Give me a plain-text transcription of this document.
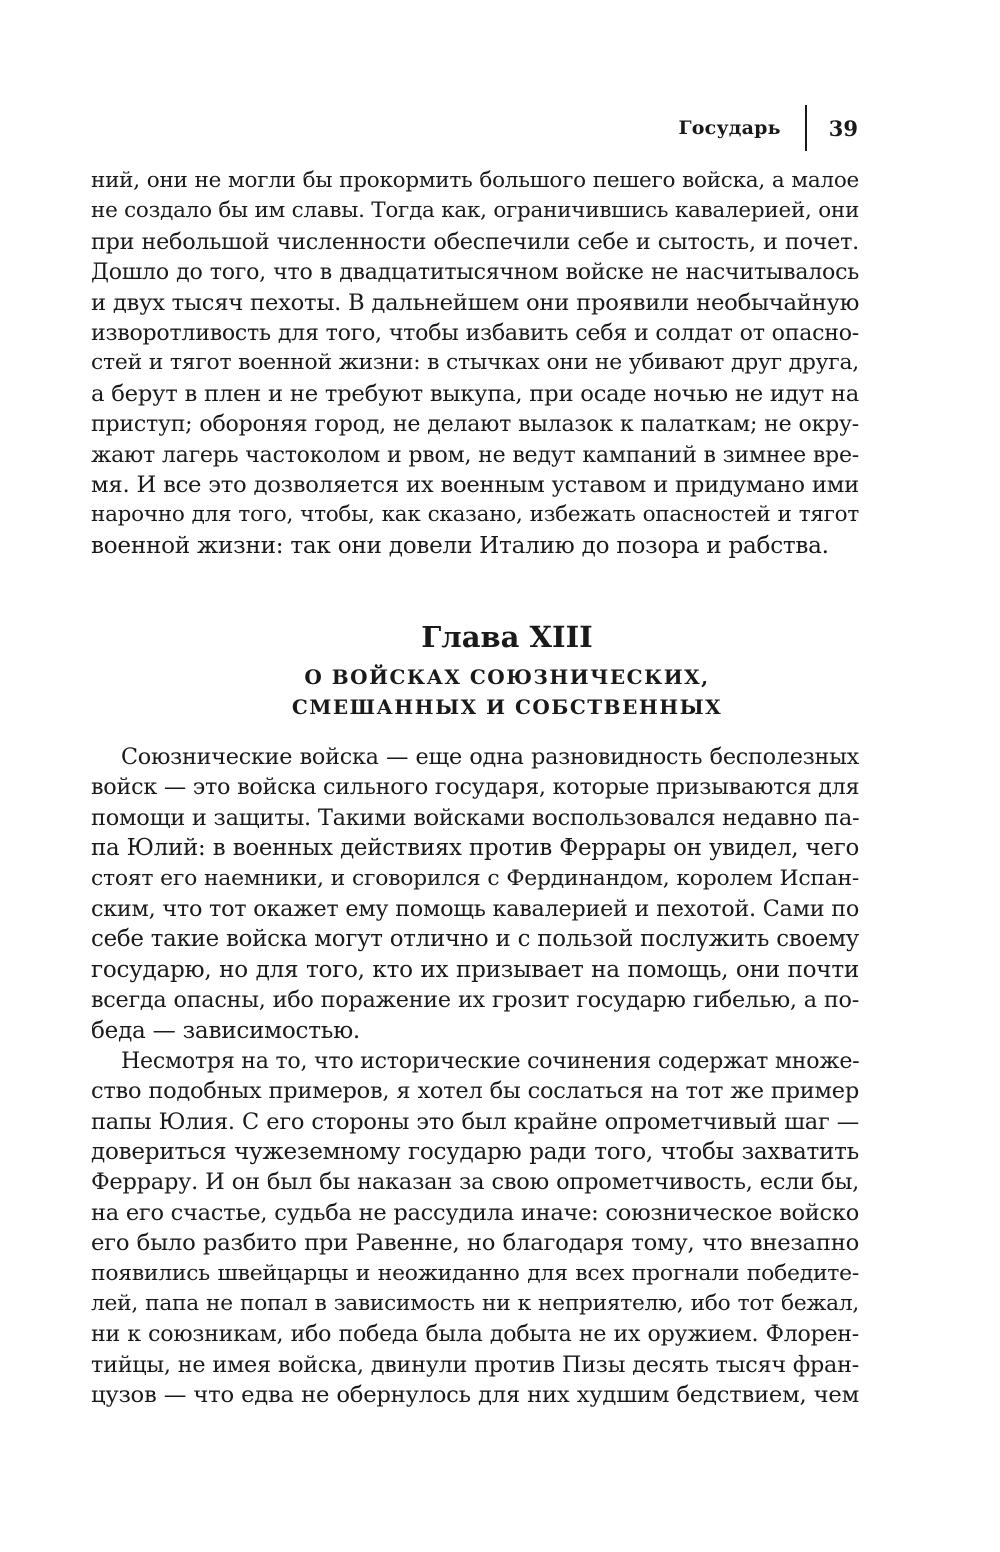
Государь 39
ний, они не могли бы прокормить большого пешего войска, а малое
не создало бы им славы. Тогда как, ограничившись кавалерией, они
при небольшой численности обеспечили себе и сытость, и почет.
Дошло до того, что в двадцатитысячном войске не насчитывалось
и двух тысяч пехоты. В дальнейшем они проявили необычайную
изворотливость для того, чтобы избавить себя и солдат от опасно-
стей и тягот военной жизни: в стычках они не убивают друг друга,
а берут в плен и не требуют выкупа, при осаде ночью не идут на
приступ; обороняя город, не делают вылазок к палаткам; не окру-
жают лагерь частоколом и рвом, не ведут кампаний в зимнее вре-
мя. И все это дозволяется их военным уставом и придумано ими
нарочно для того, чтобы, как сказано, избежать опасностей и тягот
военной жизни: так они довели Италию до позора и рабства.
Глава XIII
О ВОЙСКАХ СОЮЗНИЧЕСКИХ,
СМЕШАННЫХ И СОБСТВЕННЫХ
Союзнические войска — еще одна разновидность бесполезных
войск — это войска сильного государя, которые призываются для
помощи и защиты. Такими войсками воспользовался недавно па-
па Юлий: в военных действиях против Феррары он увидел, чего
стоят его наемники, и сговорился с Фердинандом, королем Испан-
ским, что тот окажет ему помощь кавалерией и пехотой. Сами по
себе такие войска могут отлично и с пользой послужить своему
государю, но для того, кто их призывает на помощь, они почти
всегда опасны, ибо поражение их грозит государю гибелью, а по-
беда — зависимостью.
Несмотря на то, что исторические сочинения содержат множе-
ство подобных примеров, я хотел бы сослаться на тот же пример
папы Юлия. С его стороны это был крайне опрометчивый шаг —
довериться чужеземному государю ради того, чтобы захватить
Феррару. И он был бы наказан за свою опрометчивость, если бы,
на его счастье, судьба не рассудила иначе: союзническое войско
его было разбито при Равенне, но благодаря тому, что внезапно
появились швейцарцы и неожиданно для всех прогнали победите-
лей, папа не попал в зависимость ни к неприятелю, ибо тот бежал,
ни к союзникам, ибо победа была добыта не их оружием. Флорен-
тийцы, не имея войска, двинули против Пизы десять тысяч фран-
цузов — что едва не обернулось для них худшим бедствием, чем
